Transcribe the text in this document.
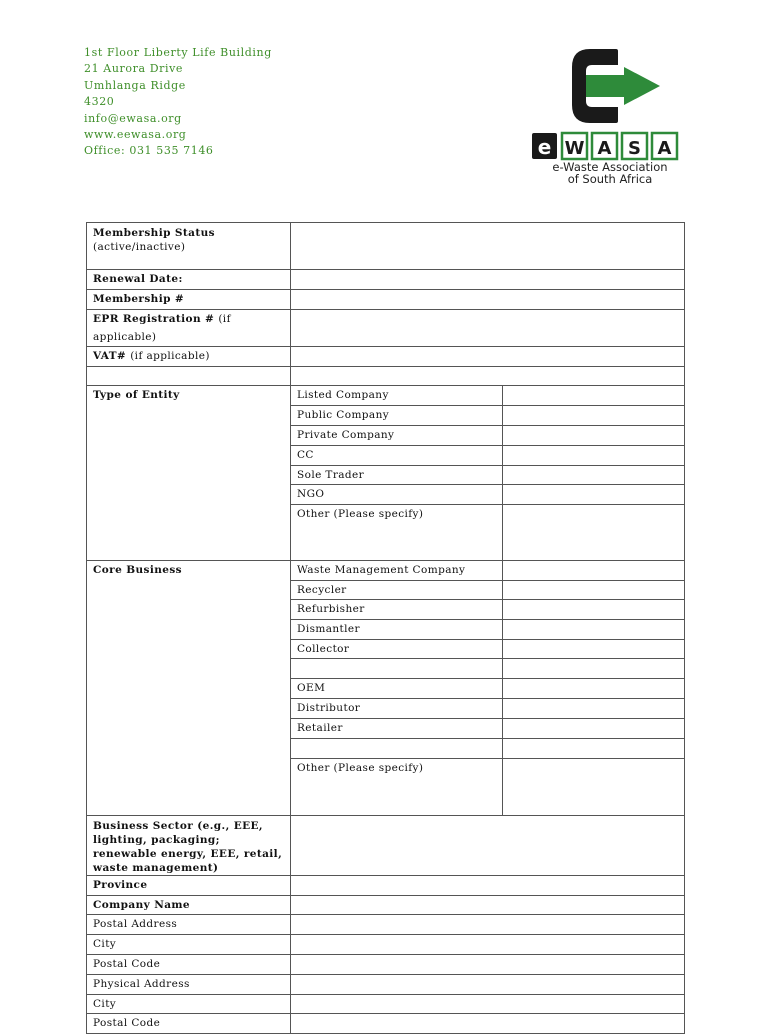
1st Floor Liberty Life Building
21 Aurora Drive
Umhlanga Ridge
4320
info@ewasa.org
www.eewasa.org
Office: 031 535 7146	e W A S A
e-Waste Association
of South Africa
Membership Status
(active/inactive)		

Renewal Date:		
Membership #		
EPR Registration # (if applicable)		
VAT# (if applicable)		

Type of Entity	Listed Company	
	Public Company	
	Private Company	
	CC	
	Sole Trader	
	NGO	
	Other (Please specify)	
Core Business	Waste Management Company	
	Recycler	
	Refurbisher	
	Dismantler	
	Collector	

	OEM	
	Distributor	
	Retailer	

	Other (Please specify)	
Business Sector (e.g., EEE, lighting, packaging; renewable energy, EEE, retail, waste management)		
Province		
Company Name		
Postal Address		
City		
Postal Code		
Physical Address		
City		
Postal Code		
